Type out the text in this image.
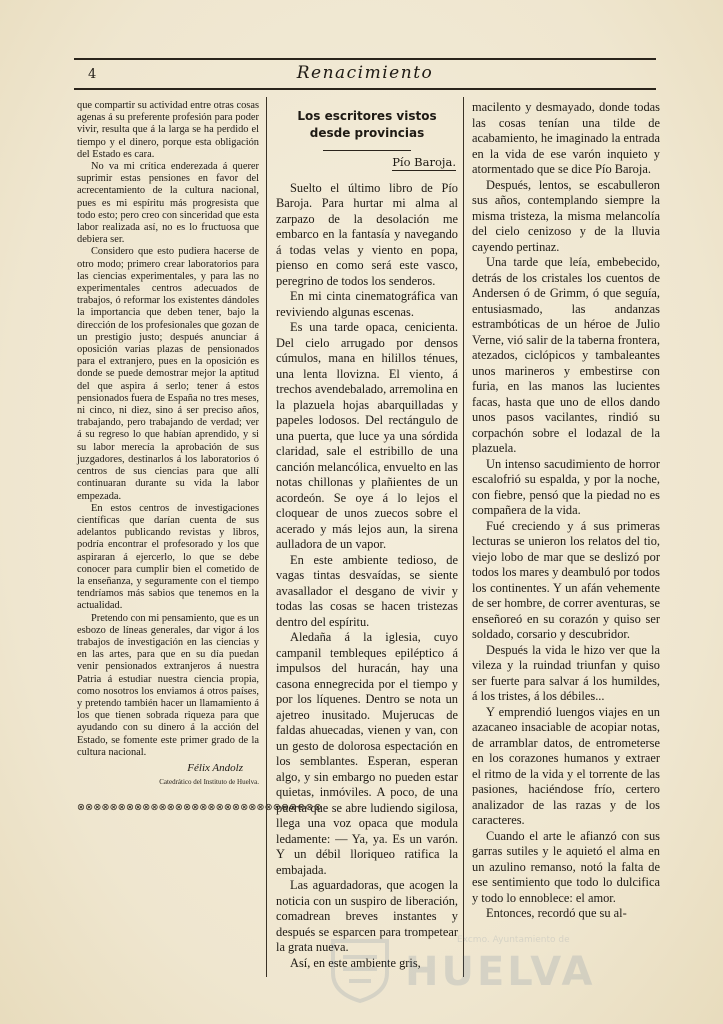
4	Renacimiento

que compartir su actividad entre otras cosas agenas á su preferente profesión para poder vivir, resulta que á la larga se ha perdido el tiempo y el dinero, porque esta obligación del Estado es cara.

No va mi crítica enderezada á querer suprimir estas pensiones en favor del acrecentamiento de la cultura nacional, pues es mi espíritu más progresista que todo esto; pero creo con sinceridad que esta labor realizada así, no es lo fructuosa que debiera ser.

Considero que esto pudiera hacerse de otro modo; primero crear laboratorios para las ciencias experimentales, y para las no experimentales centros adecuados de trabajos, ó reformar los existentes dándoles la importancia que deben tener, bajo la dirección de los profesionales que gozan de un prestigio justo; después anunciar á oposición varias plazas de pensionados para el extranjero, pues en la oposición es donde se puede demostrar mejor la aptitud del que aspira á serlo; tener á estos pensionados fuera de España no tres meses, ni cinco, ni diez, sino á ser preciso años, trabajando, pero trabajando de verdad; ver á su regreso lo que habían aprendido, y si su labor merecía la aprobación de sus juzgadores, destinarlos á los laboratorios ó centros de sus ciencias para que allí continuaran durante su vida la labor empezada.

En estos centros de investigaciones científicas que darían cuenta de sus adelantos publicando revistas y libros, podría encontrar el profesorado y los que aspiraran á ejercerlo, lo que se debe conocer para cumplir bien el cometido de la enseñanza, y seguramente con el tiempo tendríamos más sabios que tenemos en la actualidad.

Pretendo con mi pensamiento, que es un esbozo de líneas generales, dar vigor á los trabajos de investigación en las ciencias y en las artes, para que en su día puedan venir pensionados extranjeros á nuestra Patria á estudiar nuestra ciencia propia, como nosotros los enviamos á otros países, y pretendo también hacer un llamamiento á los que tienen sobrada riqueza para que ayudando con su dinero á la acción del Estado, se fomente este primer grado de la cultura nacional.

Félix Andolz
Catedrático del Instituto de Huelva.
⊗⊗⊗⊗⊗⊗⊗⊗⊗⊗⊗⊗⊗⊗⊗⊗⊗⊗⊗⊗⊗⊗⊗⊗⊗⊗⊗⊗⊗⊗
Los escritores vistos
desde provincias
Pío Baroja.

Suelto el último libro de Pío Baroja. Para hurtar mi alma al zarpazo de la desolación me embarco en la fantasía y navegando á todas velas y viento en popa, pienso en como será este vasco, peregrino de todos los senderos.

En mi cinta cinematográfica van reviviendo algunas escenas.

Es una tarde opaca, cenicienta. Del cielo arrugado por densos cúmulos, mana en hilillos ténues, una lenta llovizna. El viento, á trechos avendebalado, arremolina en la plazuela hojas abarquilladas y papeles lodosos. Del rectángulo de una puerta, que luce ya una sórdida claridad, sale el estribillo de una canción melancólica, envuelto en las notas chillonas y plañientes de un acordeón. Se oye á lo lejos el cloquear de unos zuecos sobre el acerado y más lejos aun, la sirena aulladora de un vapor.

En este ambiente tedioso, de vagas tintas desvaídas, se siente avasallador el desgano de vivir y todas las cosas se hacen tristezas dentro del espíritu.

Aledaña á la iglesia, cuyo campanil tembleques epiléptico á impulsos del huracán, hay una casona ennegrecida por el tiempo y por los líquenes. Dentro se nota un ajetreo inusitado. Mujerucas de faldas ahuecadas, vienen y van, con un gesto de dolorosa espectación en los semblantes. Esperan, esperan algo, y sin embargo no pueden estar quietas, inmóviles. A poco, de una puerta que se abre ludiendo sigilosa, llega una voz opaca que modula ledamente: — Ya, ya. Es un varón. Y un débil lloriqueo ratifica la embajada.

Las aguardadoras, que acogen la noticia con un suspiro de liberación, comadrean breves instantes y después se esparcen para trompetear la grata nueva.

Así, en este ambiente gris,

macilento y desmayado, donde todas las cosas tenían una tilde de acabamiento, he imaginado la entrada en la vida de ese varón inquieto y atormentado que se dice Pío Baroja.

Después, lentos, se escabulleron sus años, contemplando siempre la misma tristeza, la misma melancolía del cielo cenizoso y de la lluvia cayendo pertinaz.

Una tarde que leía, embebecido, detrás de los cristales los cuentos de Andersen ó de Grimm, ó que seguía, entusiasmado, las andanzas estrambóticas de un héroe de Julio Verne, vió salir de la taberna frontera, atezados, ciclópicos y tambaleantes unos marineros y embestirse con furia, en las manos las lucientes facas, hasta que uno de ellos dando unos pasos vacilantes, rindió su corpachón sobre el lodazal de la plazuela.

Un intenso sacudimiento de horror escalofrió su espalda, y por la noche, con fiebre, pensó que la piedad no es compañera de la vida.

Fué creciendo y á sus primeras lecturas se unieron los relatos del tio, viejo lobo de mar que se deslizó por todos los mares y deambuló por todos los continentes. Y un afán vehemente de ser hombre, de correr aventuras, se enseñoreó en su corazón y quiso ser soldado, corsario y descubridor.

Después la vida le hizo ver que la vileza y la ruindad triunfan y quiso ser fuerte para salvar á los humildes, á los tristes, á los débiles...

Y emprendió luengos viajes en un azacaneo insaciable de acopiar notas, de arramblar datos, de entrometerse en los corazones humanos y extraer el ritmo de la vida y el torrente de las pasiones, haciéndose frío, certero analizador de las razas y de los caracteres.

Cuando el arte le afianzó con sus garras sutiles y le aquietó el alma en un azulino remanso, notó la falta de ese sentimiento que todo lo dulcifica y todo lo ennoblece: el amor.

Entonces, recordó que su al-

Excmo. Ayuntamiento de
HUELVA
